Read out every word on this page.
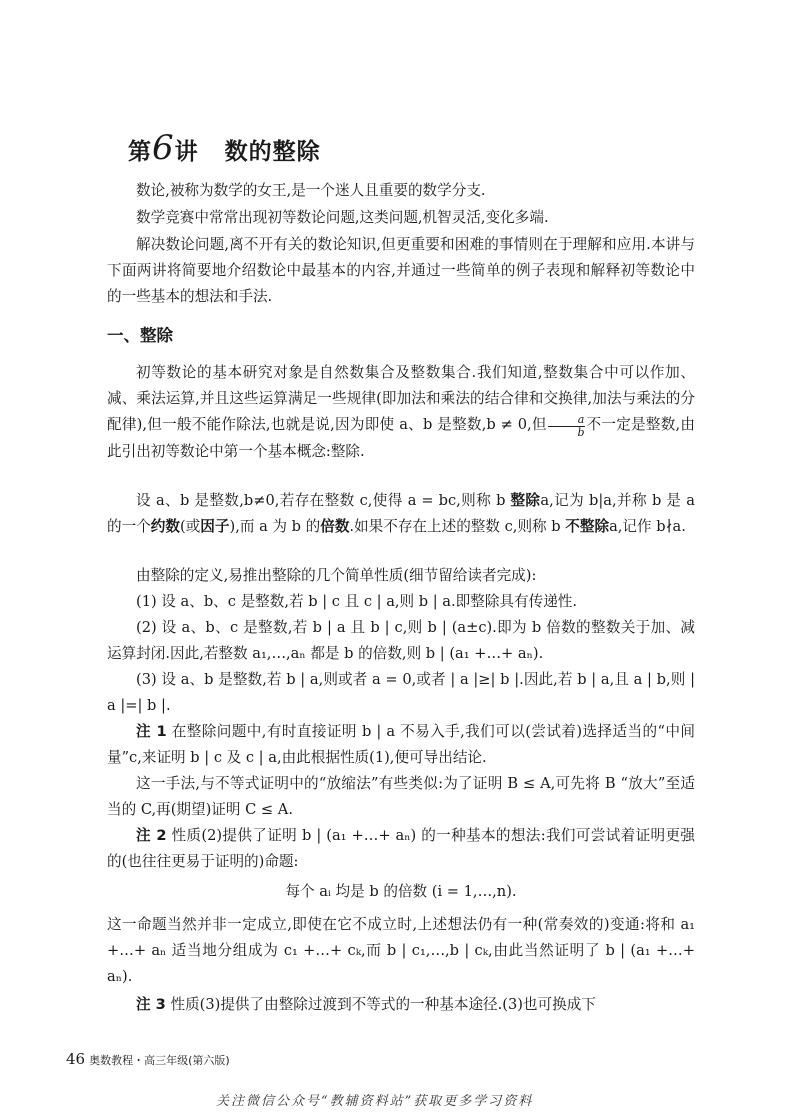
第6讲 数的整除

数论,被称为数学的女王,是一个迷人且重要的数学分支.

数学竞赛中常常出现初等数论问题,这类问题,机智灵活,变化多端.

解决数论问题,离不开有关的数论知识,但更重要和困难的事情则在于理解和应用.本讲与下面两讲将简要地介绍数论中最基本的内容,并通过一些简单的例子表现和解释初等数论中的一些基本的想法和手法.

一、整除

初等数论的基本研究对象是自然数集合及整数集合.我们知道,整数集合中可以作加、减、乘法运算,并且这些运算满足一些规律(即加法和乘法的结合律和交换律,加法与乘法的分配律),但一般不能作除法,也就是说,因为即使 a、b 是整数,b ≠ 0,但 $\frac{a}{b}$ 不一定是整数,由此引出初等数论中第一个基本概念:整除.

设 a、b 是整数,b≠0,若存在整数 c,使得 a = bc,则称 b 整除a,记为 b|a,并称 b 是 a 的一个约数(或因子),而 a 为 b 的倍数.如果不存在上述的整数 c,则称 b 不整除a,记作 b∤a.

由整除的定义,易推出整除的几个简单性质(细节留给读者完成):

(1) 设 a、b、c 是整数,若 b | c 且 c | a,则 b | a.即整除具有传递性.

(2) 设 a、b、c 是整数,若 b | a 且 b | c,则 b | (a±c).即为 b 倍数的整数关于加、减运算封闭.因此,若整数 a₁,…,aₙ 都是 b 的倍数,则 b | (a₁ +…+ aₙ).

(3) 设 a、b 是整数,若 b | a,则或者 a = 0,或者 | a |≥| b |.因此,若 b | a,且 a | b,则 | a |=| b |.

注 1 在整除问题中,有时直接证明 b | a 不易入手,我们可以(尝试着)选择适当的“中间量”c,来证明 b | c 及 c | a,由此根据性质(1),便可导出结论.

这一手法,与不等式证明中的“放缩法”有些类似:为了证明 B ≤ A,可先将 B “放大”至适当的 C,再(期望)证明 C ≤ A.

注 2 性质(2)提供了证明 b | (a₁ +…+ aₙ) 的一种基本的想法:我们可尝试着证明更强的(也往往更易于证明的)命题:

每个 aᵢ 均是 b 的倍数 (i = 1,…,n).

这一命题当然并非一定成立,即使在它不成立时,上述想法仍有一种(常奏效的)变通:将和 a₁ +…+ aₙ 适当地分组成为 c₁ +…+ cₖ,而 b | c₁,…,b | cₖ,由此当然证明了 b | (a₁ +…+ aₙ).

注 3 性质(3)提供了由整除过渡到不等式的一种基本途径.(3)也可换成下

46 奥数教程・高三年级(第六版)
关注微信公众号“教辅资料站”获取更多学习资料
